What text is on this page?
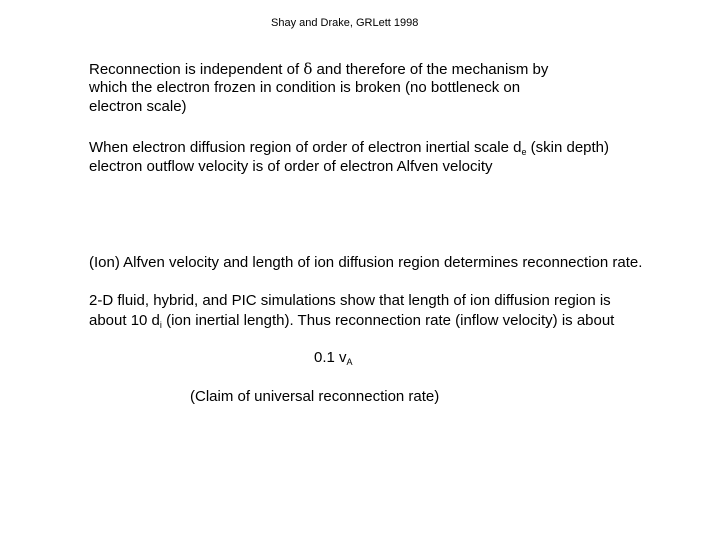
Shay and Drake, GRLett 1998
Reconnection is independent of δ and therefore of the mechanism by
which the electron frozen in condition is broken (no bottleneck on
electron scale)
When electron diffusion region of order of electron inertial scale $d_e$ (skin depth)
electron outflow velocity is of order of electron Alfven velocity
(Ion) Alfven velocity and length of ion diffusion region determines reconnection rate.
2-D fluid, hybrid, and PIC simulations show that length of ion diffusion region is
about 10 $d_i$ (ion inertial length). Thus reconnection rate (inflow velocity) is about
0.1 $v_A$
(Claim of universal reconnection rate)
